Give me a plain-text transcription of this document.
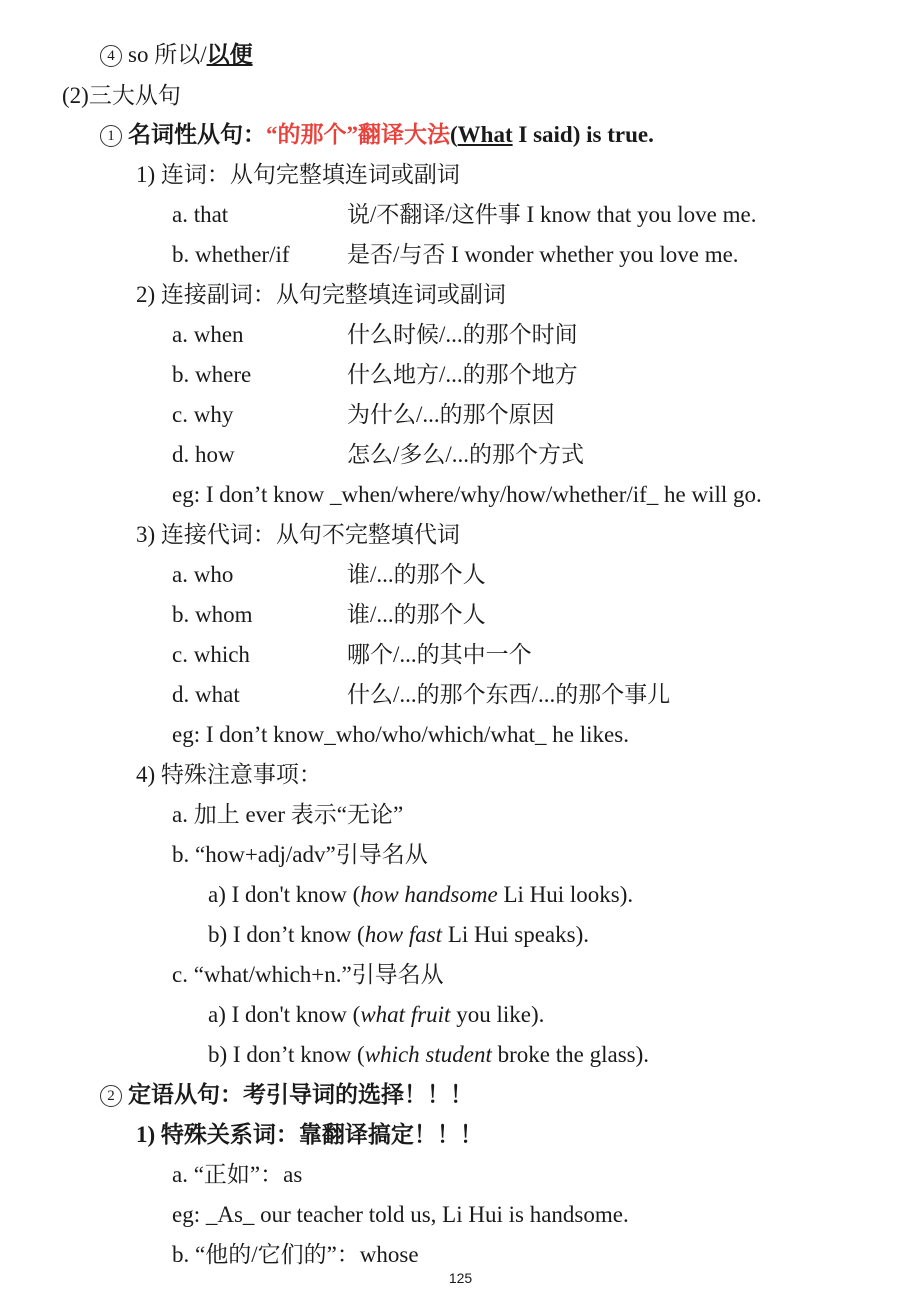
4 so 所以/以便
(2)三大从句
1 名词性从句：“的那个”翻译大法(What I said) is true.
1) 连词：从句完整填连词或副词
a. that	说/不翻译/这件事 I know that you love me.
b. whether/if 是否/与否 I wonder whether you love me.
2) 连接副词：从句完整填连词或副词
a. when	什么时候/...的那个时间
b. where	什么地方/...的那个地方
c. why	为什么/...的那个原因
d. how	怎么/多么/...的那个方式
eg: I don’t know _when/where/why/how/whether/if_ he will go.
3) 连接代词：从句不完整填代词
a. who	谁/...的那个人
b. whom	谁/...的那个人
c. which	哪个/...的其中一个
d. what	什么/...的那个东西/...的那个事儿
eg: I don’t know_who/who/which/what_ he likes.
4) 特殊注意事项：
a. 加上 ever 表示“无论”
b. “how+adj/adv”引导名从
a) I don't know (how handsome Li Hui looks).
b) I don’t know (how fast Li Hui speaks).
c. “what/which+n.”引导名从
a) I don't know (what fruit you like).
b) I don’t know (which student broke the glass).
2 定语从句：考引导词的选择！！！
1) 特殊关系词：靠翻译搞定！！！
a. “正如”：as
eg: _As_ our teacher told us, Li Hui is handsome.
b. “他的/它们的”：whose
125
